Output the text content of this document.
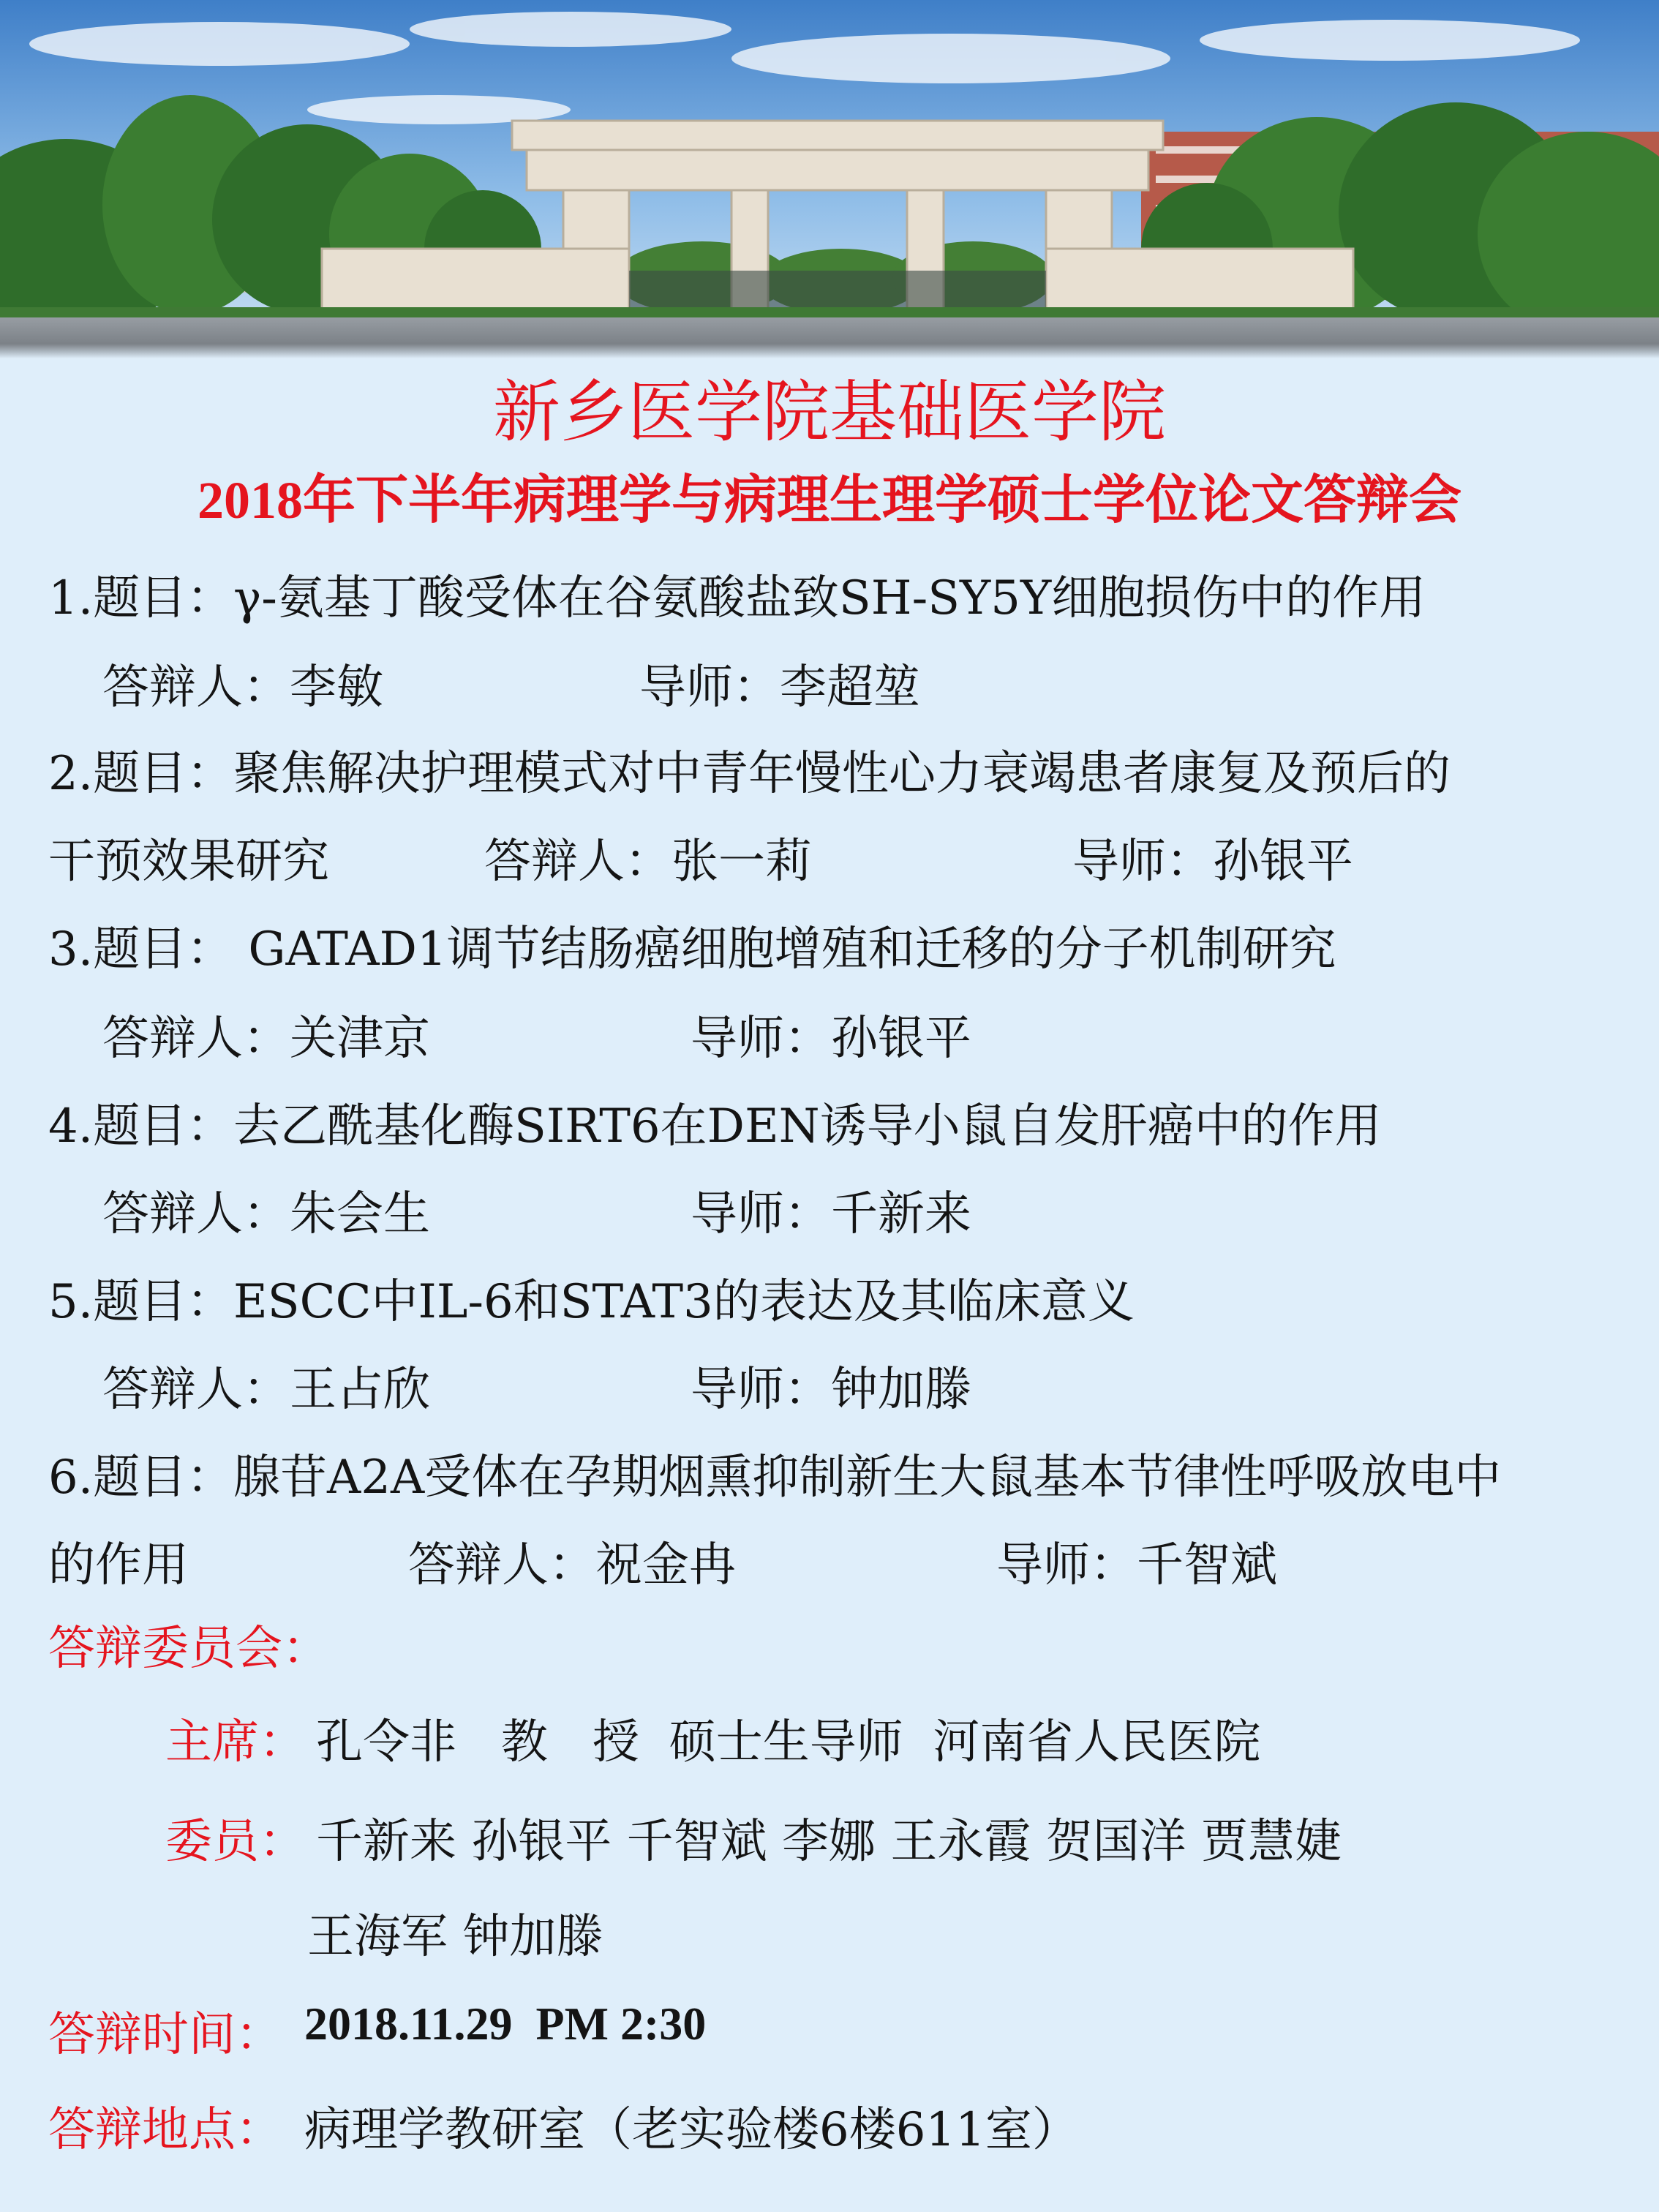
新乡医学院基础医学院
2018年下半年病理学与病理生理学硕士学位论文答辩会
1.题目：γ-氨基丁酸受体在谷氨酸盐致SH-SY5Y细胞损伤中的作用
答辩人：李敏	导师：李超堃
2.题目：聚焦解决护理模式对中青年慢性心力衰竭患者康复及预后的
干预效果研究	答辩人：张一莉	导师：孙银平
3.题目： GATAD1调节结肠癌细胞增殖和迁移的分子机制研究
答辩人：关津京	导师：孙银平
4.题目：去乙酰基化酶SIRT6在DEN诱导小鼠自发肝癌中的作用
答辩人：朱会生	导师：千新来
5.题目：ESCC中IL-6和STAT3的表达及其临床意义
答辩人：王占欣	导师：钟加滕
6.题目：腺苷A2A受体在孕期烟熏抑制新生大鼠基本节律性呼吸放电中
的作用	答辩人：祝金冉	导师：千智斌
答辩委员会：
主席： 孔令非   教   授  硕士生导师  河南省人民医院
委员： 千新来 孙银平 千智斌 李娜 王永霞 贺国洋 贾慧婕
王海军 钟加滕
答辩时间： 2018.11.29  PM 2:30
答辩地点： 病理学教研室（老实验楼6楼611室）
